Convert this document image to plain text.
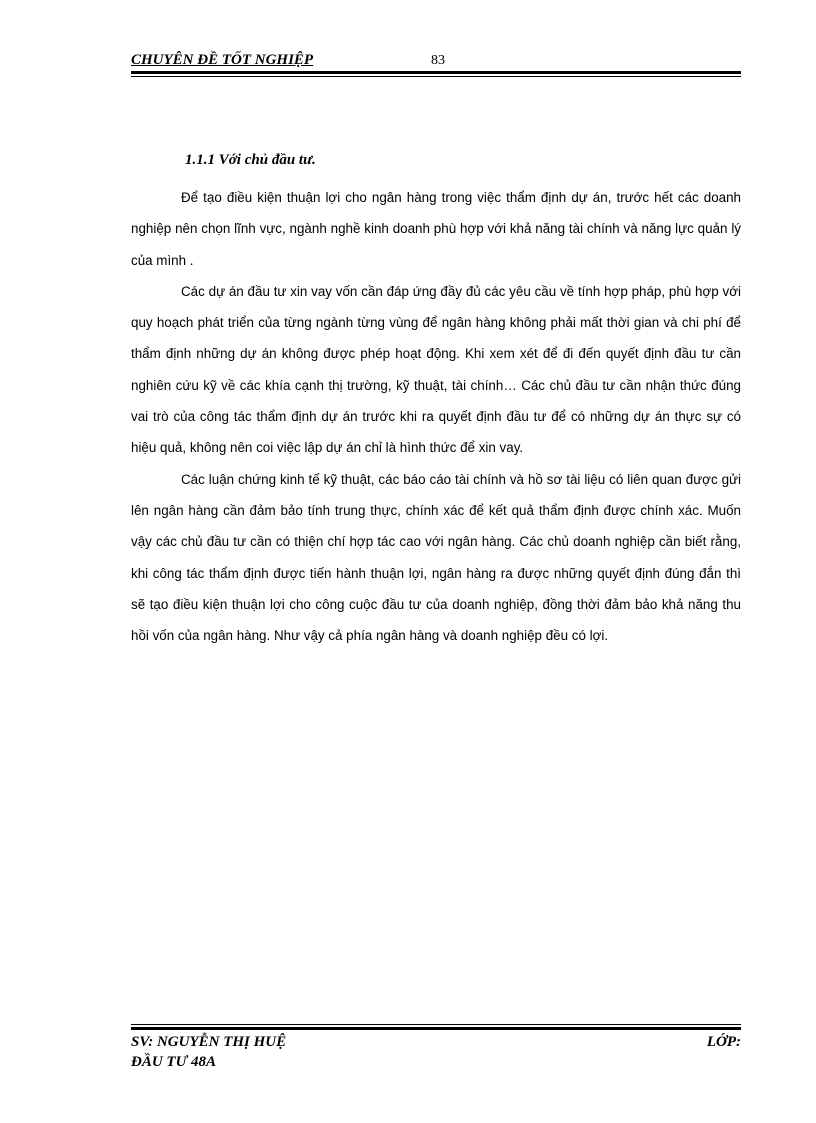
CHUYÊN ĐỀ TỐT NGHIỆP	83
1.1.1 Với chủ đầu tư.

Để tạo điều kiện thuận lợi cho ngân hàng trong việc thẩm định dự án, trước hết các doanh nghiệp nên chọn lĩnh vực, ngành nghề kinh doanh phù hợp với khả năng tài chính và năng lực quản lý của mình .

Các dự án đầu tư xin vay vốn cần đáp ứng đầy đủ các yêu cầu về tính hợp pháp, phù hợp với quy hoạch phát triển của từng ngành từng vùng để ngân hàng không phải mất thời gian và chi phí để thẩm định những dự án không được phép hoạt động. Khi xem xét để đi đến quyết định đầu tư cần nghiên cứu kỹ về các khía cạnh thị trường, kỹ thuật, tài chính… Các chủ đầu tư cần nhận thức đúng vai trò của công tác thẩm định dự án trước khi ra quyết định đầu tư để có những dự án thực sự có hiệu quả, không nên coi việc lập dự án chỉ là hình thức để xin vay.

Các luận chứng kinh tế kỹ thuật, các báo cáo tài chính và hồ sơ tài liệu có liên quan được gửi lên ngân hàng cần đảm bảo tính trung thực, chính xác để kết quả thẩm định được chính xác. Muốn vậy các chủ đầu tư cần có thiện chí hợp tác cao với ngân hàng. Các chủ doanh nghiệp cần biết rằng, khi công tác thẩm định được tiến hành thuận lợi, ngân hàng ra được những quyết định đúng đắn thì sẽ tạo điều kiện thuận lợi cho công cuộc đầu tư của doanh nghiệp, đồng thời đảm bảo khả năng thu hồi vốn của ngân hàng. Như vậy cả phía ngân hàng và doanh nghiệp đều có lợi.

SV: NGUYỄN THỊ HUỆ	LỚP:
ĐẦU TƯ 48A
